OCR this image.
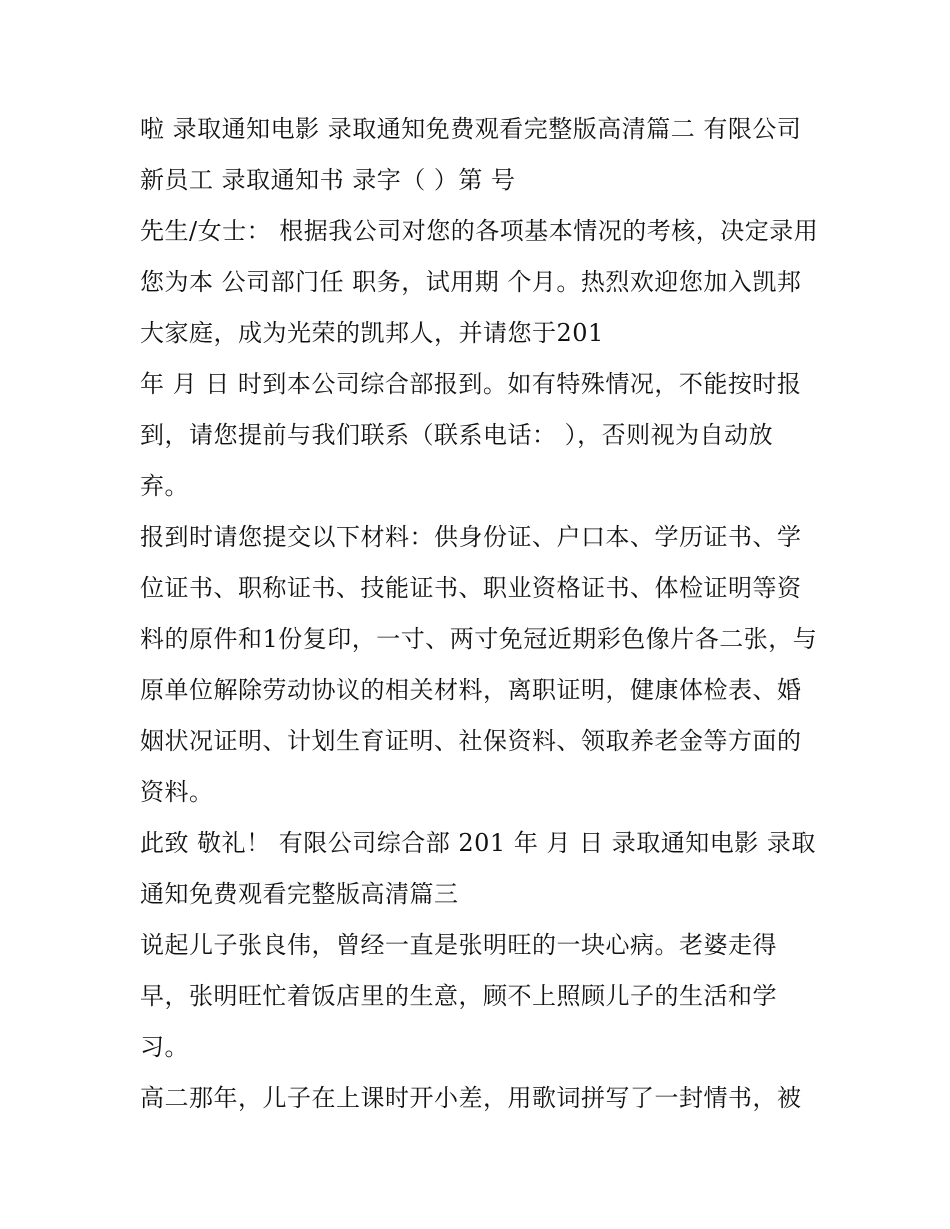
啦 录取通知电影 录取通知免费观看完整版高清篇二 有限公司新员工 录取通知书 录字（ ）第 号

先生/女士： 根据我公司对您的各项基本情况的考核，决定录用您为本 公司部门任 职务，试用期 个月。热烈欢迎您加入凯邦大家庭，成为光荣的凯邦人，并请您于201

年 月 日 时到本公司综合部报到。如有特殊情况，不能按时报到，请您提前与我们联系（联系电话： ），否则视为自动放弃。

报到时请您提交以下材料：供身份证、户口本、学历证书、学位证书、职称证书、技能证书、职业资格证书、体检证明等资料的原件和1份复印，一寸、两寸免冠近期彩色像片各二张，与原单位解除劳动协议的相关材料，离职证明，健康体检表、婚姻状况证明、计划生育证明、社保资料、领取养老金等方面的资料。

此致 敬礼！ 有限公司综合部 201 年 月 日 录取通知电影 录取通知免费观看完整版高清篇三

说起儿子张良伟，曾经一直是张明旺的一块心病。老婆走得早，张明旺忙着饭店里的生意，顾不上照顾儿子的生活和学习。

高二那年，儿子在上课时开小差，用歌词拼写了一封情书，被
